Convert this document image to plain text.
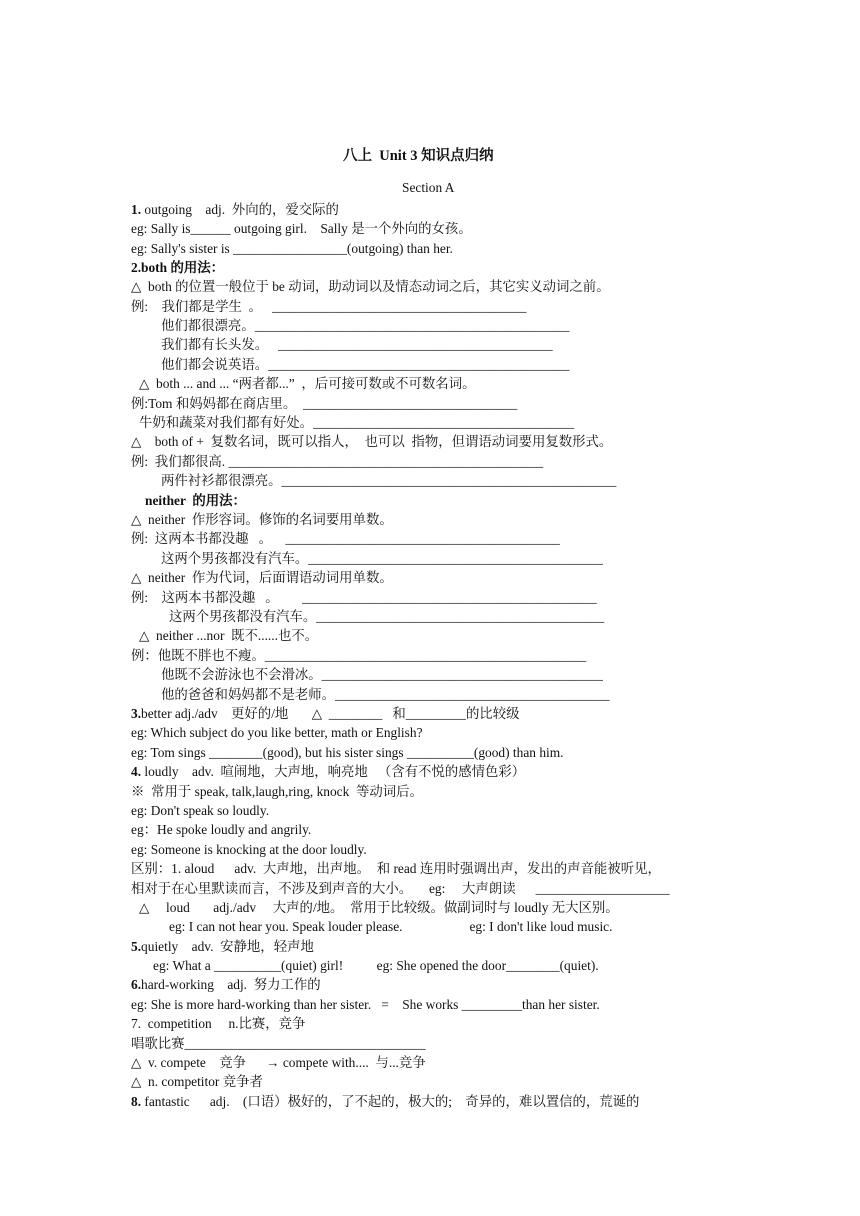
八上  Unit 3 知识点归纳
Section A
1. outgoing    adj.  外向的，爱交际的
eg: Sally is______ outgoing girl.    Sally 是一个外向的女孩。
eg: Sally's sister is _________________(outgoing) than her.
2.both 的用法：
△  both 的位置一般位于 be 动词，助动词以及情态动词之后，其它实义动词之前。
例:    我们都是学生  。   ______________________________________
他们都很漂亮。_______________________________________________
我们都有长头发。   _________________________________________
他们都会说英语。_____________________________________________
△  both ... and ... “两者都...”  ，后可接可数或不可数名词。
例:Tom 和妈妈都在商店里。  ________________________________
牛奶和蔬菜对我们都有好处。_______________________________________
△    both of +  复数名词，既可以指人，  也可以  指物，但谓语动词要用复数形式。
例:  我们都很高. _______________________________________________
两件衬衫都很漂亮。__________________________________________________
neither  的用法：
△  neither  作形容词。修饰的名词要用单数。
例:  这两本书都没趣   。    _________________________________________
这两个男孩都没有汽车。____________________________________________
△  neither  作为代词，后面谓语动词用单数。
例:    这两本书都没趣   。       ____________________________________________
这两个男孩都没有汽车。___________________________________________
△  neither ...nor  既不......也不。
例：他既不胖也不瘦。________________________________________________
他既不会游泳也不会滑冰。__________________________________________
他的爸爸和妈妈都不是老师。_________________________________________
3.better adj./adv    更好的/地       △  ________   和_________的比较级
eg: Which subject do you like better, math or English?
eg: Tom sings ________(good), but his sister sings __________(good) than him.
4. loudly    adv.  喧闹地，大声地，响亮地   （含有不悦的感情色彩）
※  常用于 speak, talk,laugh,ring, knock  等动词后。
eg: Don't speak so loudly.
eg：He spoke loudly and angrily.
eg: Someone is knocking at the door loudly.
区别：1. aloud      adv.  大声地，出声地。  和 read 连用时强调出声，发出的声音能被听见，
相对于在心里默读而言，不涉及到声音的大小。     eg:     大声朗读      ____________________
△     loud       adj./adv     大声的/地。  常用于比较级。做副词时与 loudly 无大区别。
eg: I can not hear you. Speak louder please.                    eg: I don't like loud music.
5.quietly    adv.  安静地，轻声地
eg: What a __________(quiet) girl!          eg: She opened the door________(quiet).
6.hard-working    adj.  努力工作的
eg: She is more hard-working than her sister.   =    She works _________than her sister.
7.  competition     n.比赛，竞争
唱歌比赛____________________________________
△  v. compete    竞争      → compete with....  与...竞争
△  n. competitor 竞争者
8. fantastic      adj.    (口语）极好的，了不起的，极大的;    奇异的，难以置信的，荒诞的
